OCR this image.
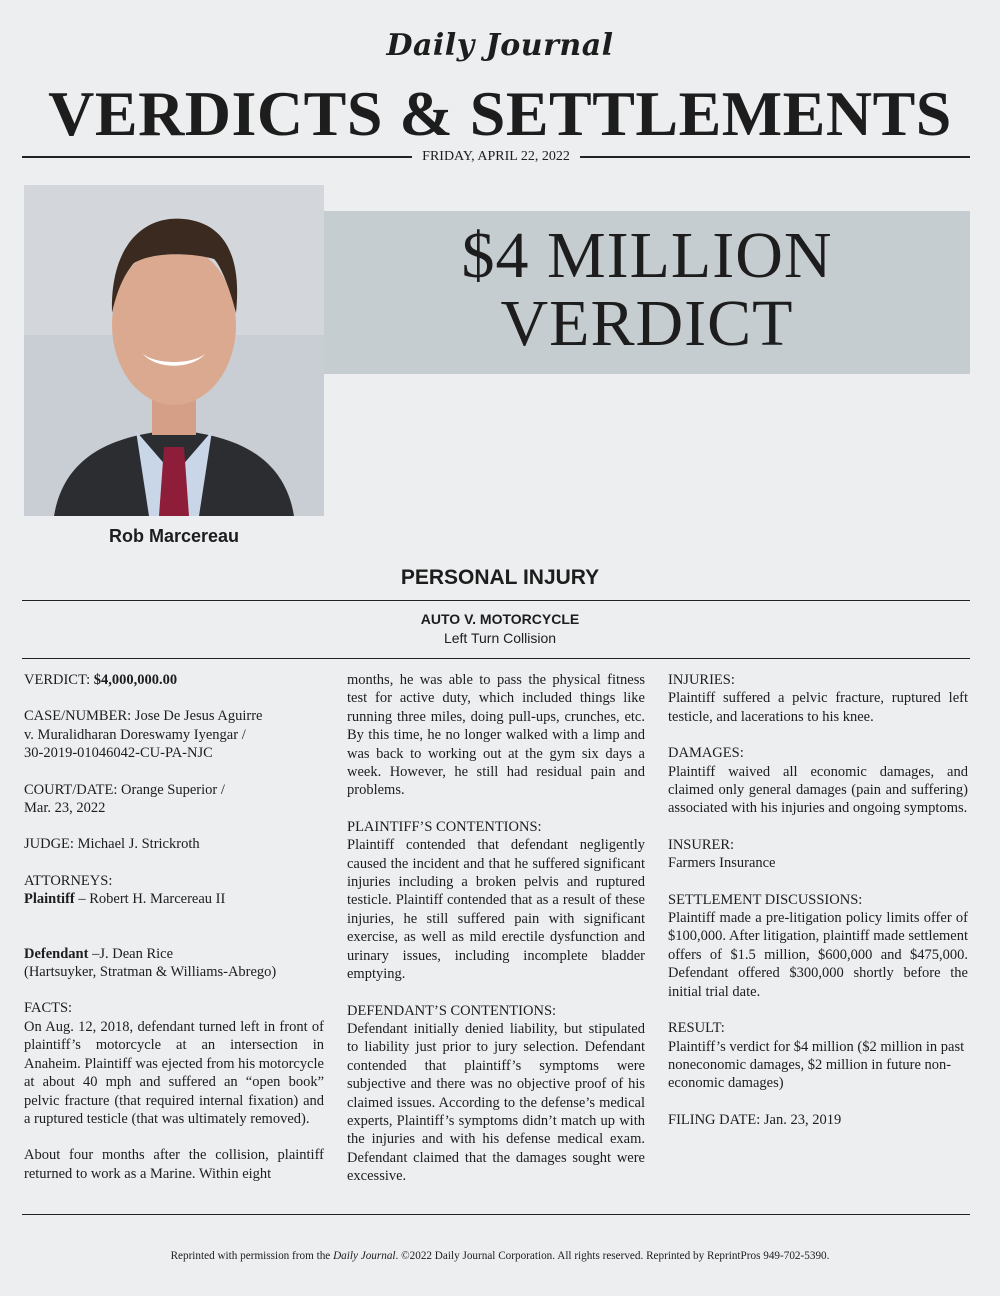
Daily Journal
VERDICTS & SETTLEMENTS
FRIDAY, APRIL 22, 2022
Rob Marcereau
$4 MILLION
VERDICT
PERSONAL INJURY
AUTO V. MOTORCYCLE
Left Turn Collision

VERDICT: $4,000,000.00

CASE/NUMBER: Jose De Jesus Aguirre
v. Muralidharan Doreswamy Iyengar /
30-2019-01046042-CU-PA-NJC

COURT/DATE: Orange Superior /
Mar. 23, 2022

JUDGE: Michael J. Strickroth

ATTORNEYS:
Plaintiff – Robert H. Marcereau II

Defendant –J. Dean Rice
(Hartsuyker, Stratman & Williams-Abrego)

FACTS:
On Aug. 12, 2018, defendant turned left in front of plaintiff’s motorcycle at an intersection in Anaheim. Plaintiff was ejected from his motorcycle at about 40 mph and suffered an “open book” pelvic fracture (that required internal fixation) and a ruptured testicle (that was ultimately removed).

About four months after the collision, plaintiff returned to work as a Marine. Within eight

months, he was able to pass the physical fitness test for active duty, which included things like running three miles, doing pull-ups, crunches, etc. By this time, he no longer walked with a limp and was back to working out at the gym six days a week. However, he still had residual pain and problems.

PLAINTIFF’S CONTENTIONS:
Plaintiff contended that defendant negligently caused the incident and that he suffered significant injuries including a broken pelvis and ruptured testicle. Plaintiff contended that as a result of these injuries, he still suffered pain with significant exercise, as well as mild erectile dysfunction and urinary issues, including incomplete bladder emptying.

DEFENDANT’S CONTENTIONS:
Defendant initially denied liability, but stipulated to liability just prior to jury selection. Defendant contended that plaintiff’s symptoms were subjective and there was no objective proof of his claimed issues. According to the defense’s medical experts, Plaintiff’s symptoms didn’t match up with the injuries and with his defense medical exam. Defendant claimed that the damages sought were excessive.

INJURIES:
Plaintiff suffered a pelvic fracture, ruptured left testicle, and lacerations to his knee.

DAMAGES:
Plaintiff waived all economic damages, and claimed only general damages (pain and suffering) associated with his injuries and ongoing symptoms.

INSURER:
Farmers Insurance

SETTLEMENT DISCUSSIONS:
Plaintiff made a pre-litigation policy limits offer of $100,000. After litigation, plaintiff made settlement offers of $1.5 million, $600,000 and $475,000. Defendant offered $300,000 shortly before the initial trial date.

RESULT:
Plaintiff’s verdict for $4 million ($2 million in past noneconomic damages, $2 million in future non-economic damages)

FILING DATE: Jan. 23, 2019

Reprinted with permission from the Daily Journal. ©2022 Daily Journal Corporation. All rights reserved. Reprinted by ReprintPros 949-702-5390.
